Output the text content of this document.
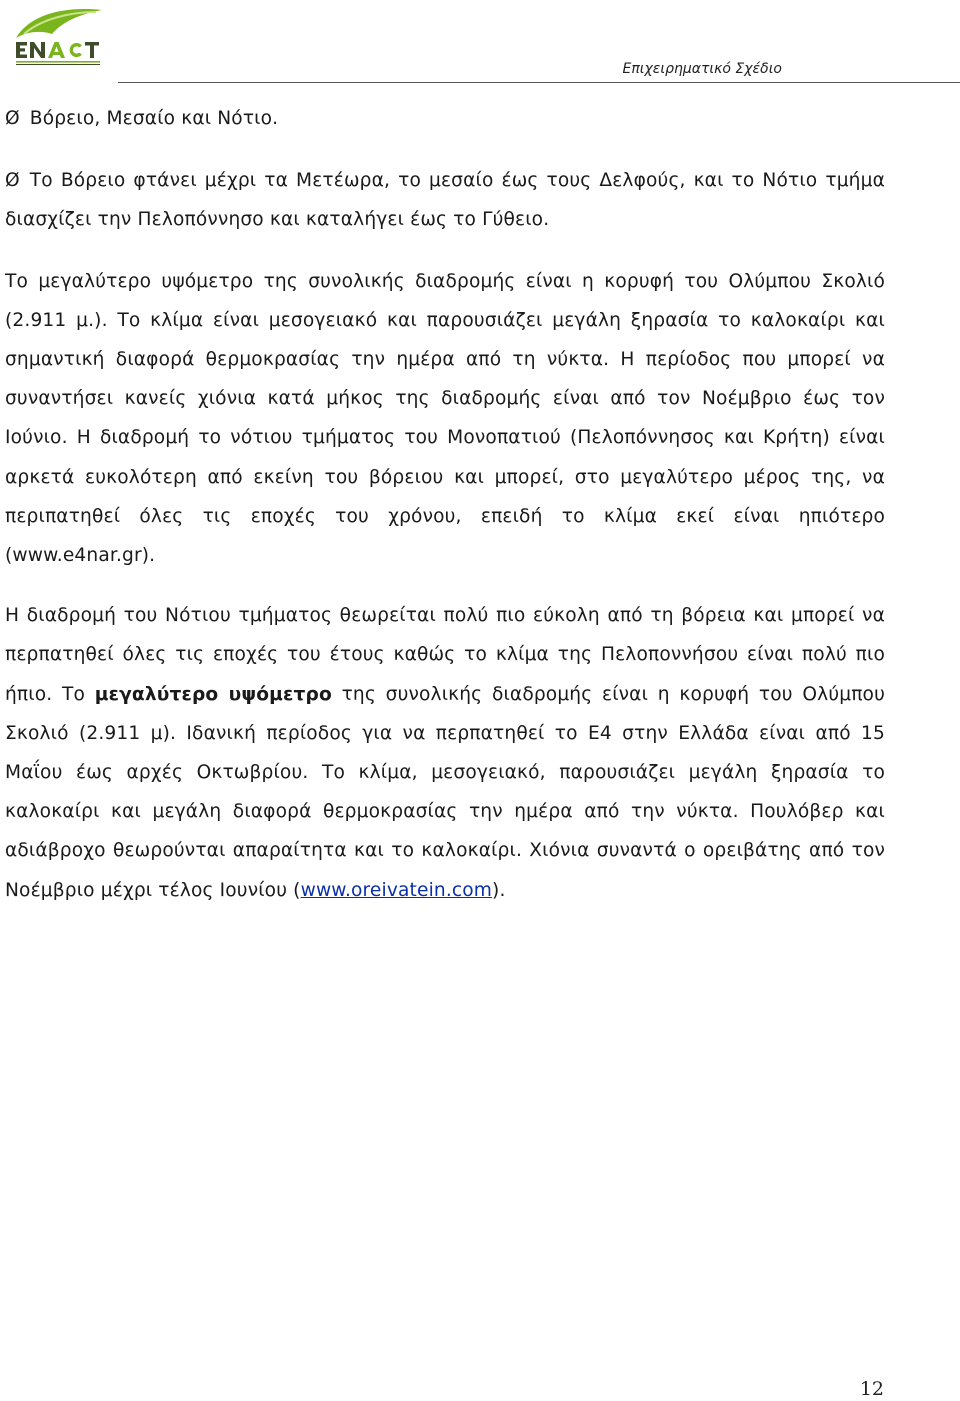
Επιχειρηματικό Σχέδιο

Ø Βόρειο, Μεσαίο και Νότιο.

Ø Το Βόρειο φτάνει μέχρι τα Μετέωρα, το μεσαίο έως τους Δελφούς, και το Νότιο τμήμα διασχίζει την Πελοπόννησο και καταλήγει έως το Γύθειο.

Το μεγαλύτερο υψόμετρο της συνολικής διαδρομής είναι η κορυφή του Ολύμπου Σκολιό (2.911 μ.). Το κλίμα είναι μεσογειακό και παρουσιάζει μεγάλη ξηρασία το καλοκαίρι και σημαντική διαφορά θερμοκρασίας την ημέρα από τη νύκτα. Η περίοδος που μπορεί να συναντήσει κανείς χιόνια κατά μήκος της διαδρομής είναι από τον Νοέμβριο έως τον Ιούνιο. Η διαδρομή το νότιου τμήματος του Μονοπατιού (Πελοπόννησος και Κρήτη) είναι αρκετά ευκολότερη από εκείνη του βόρειου και μπορεί, στο μεγαλύτερο μέρος της, να περιπατηθεί όλες τις εποχές του χρόνου, επειδή το κλίμα εκεί είναι ηπιότερο (www.e4nar.gr).

Η διαδρομή του Νότιου τμήματος θεωρείται πολύ πιο εύκολη από τη βόρεια και μπορεί να περπατηθεί όλες τις εποχές του έτους καθώς το κλίμα της Πελοποννήσου είναι πολύ πιο ήπιο. Το μεγαλύτερο υψόμετρο της συνολικής διαδρομής είναι η κορυφή του Ολύμπου Σκολιό (2.911 μ). Ιδανική περίοδος για να περπατηθεί το Ε4 στην Ελλάδα είναι από 15 Μαΐου έως αρχές Οκτωβρίου. Το κλίμα, μεσογειακό, παρουσιάζει μεγάλη ξηρασία το καλοκαίρι και μεγάλη διαφορά θερμοκρασίας την ημέρα από την νύκτα. Πουλόβερ και αδιάβροχο θεωρούνται απαραίτητα και το καλοκαίρι. Χιόνια συναντά ο ορειβάτης από τον Νοέμβριο μέχρι τέλος Ιουνίου (www.oreivatein.com).

12
